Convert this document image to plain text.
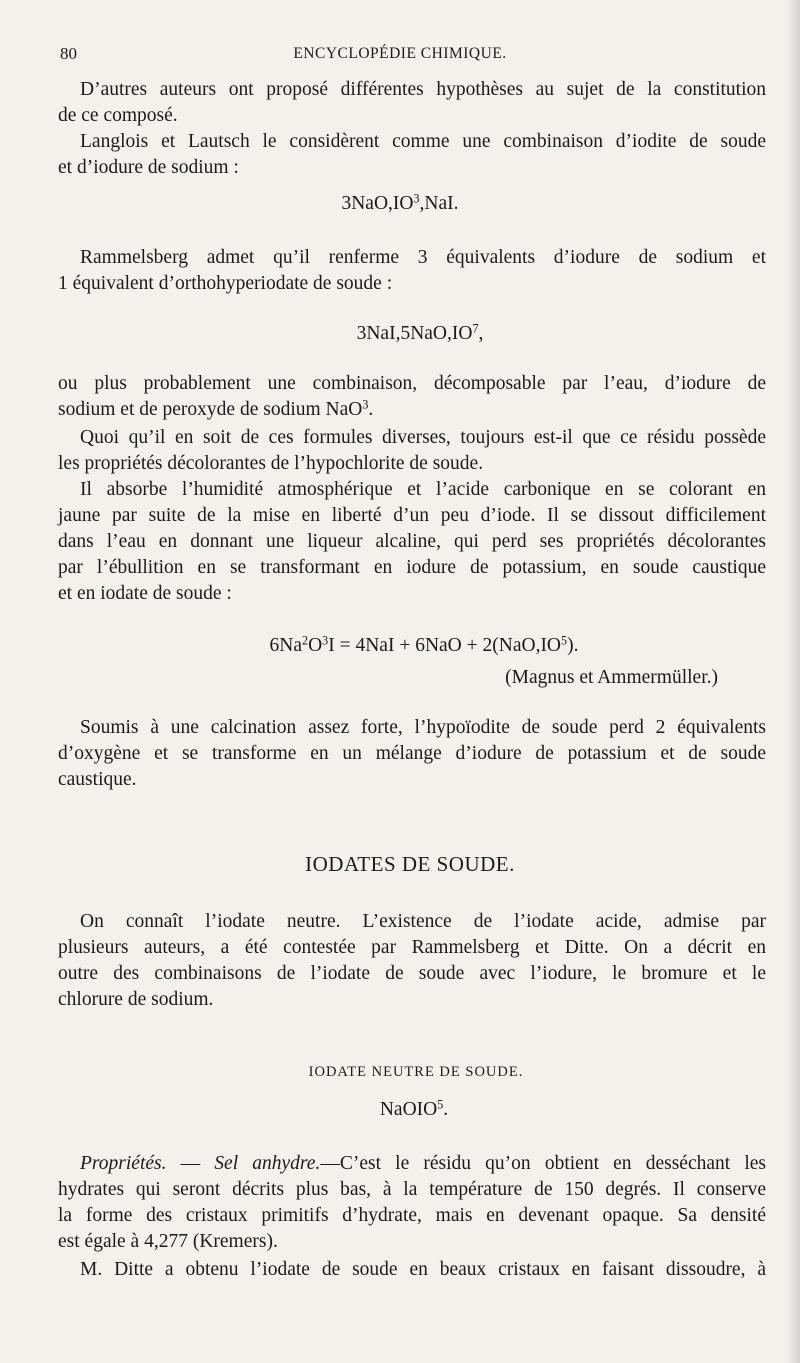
80	ENCYCLOPÉDIE CHIMIQUE.
D’autres auteurs ont proposé différentes hypothèses au sujet de la constitution
de ce composé.
Langlois et Lautsch le considèrent comme une combinaison d’iodite de soude
et d’iodure de sodium :
$3NaO,IO^3,NaI$.
Rammelsberg admet qu’il renferme 3 équivalents d’iodure de sodium et
1 équivalent d’orthohyperiodate de soude :
$3NaI,5NaO,IO^7$,
ou plus probablement une combinaison, décomposable par l’eau, d’iodure de
sodium et de peroxyde de sodium NaO$^3$.
Quoi qu’il en soit de ces formules diverses, toujours est-il que ce résidu possède
les propriétés décolorantes de l’hypochlorite de soude.
Il absorbe l’humidité atmosphérique et l’acide carbonique en se colorant en
jaune par suite de la mise en liberté d’un peu d’iode. Il se dissout difficilement
dans l’eau en donnant une liqueur alcaline, qui perd ses propriétés décolorantes
par l’ébullition en se transformant en iodure de potassium, en soude caustique
et en iodate de soude :
$6Na^2O^3I = 4NaI + 6NaO + 2(NaO,IO^5)$.
(Magnus et Ammermüller.)
Soumis à une calcination assez forte, l’hypoïodite de soude perd 2 équivalents
d’oxygène et se transforme en un mélange d’iodure de potassium et de soude
caustique.
IODATES DE SOUDE.
On connaît l’iodate neutre. L’existence de l’iodate acide, admise par
plusieurs auteurs, a été contestée par Rammelsberg et Ditte. On a décrit en
outre des combinaisons de l’iodate de soude avec l’iodure, le bromure et le
chlorure de sodium.
IODATE NEUTRE DE SOUDE.
NaOIO$^5$.
Propriétés. — Sel anhydre.—C’est le résidu qu’on obtient en desséchant les
hydrates qui seront décrits plus bas, à la température de 150 degrés. Il conserve
la forme des cristaux primitifs d’hydrate, mais en devenant opaque. Sa densité
est égale à 4,277 (Kremers).
M. Ditte a obtenu l’iodate de soude en beaux cristaux en faisant dissoudre, à
